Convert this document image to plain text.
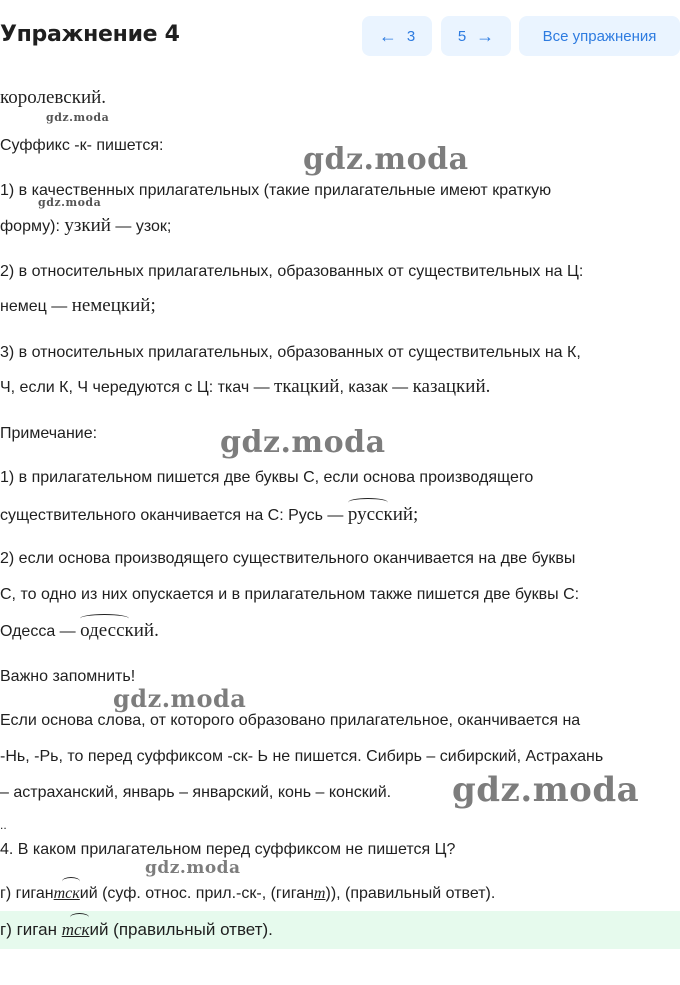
Упражнение 4	← 3	5 →	Все упражнения
королевский.
Суффикс -к- пишется:
1) в качественных прилагательных (такие прилагательные имеют краткую
форму): узкий — узок;
2) в относительных прилагательных, образованных от существительных на Ц:
немец — немецкий;
3) в относительных прилагательных, образованных от существительных на К,
Ч, если К, Ч чередуются с Ц: ткач — ткацкий, казак — казацкий.
Примечание:
1) в прилагательном пишется две буквы С, если основа производящего
существительного оканчивается на С: Русь —
русский;
2) если основа производящего существительного оканчивается на две буквы
С, то одно из них опускается и в прилагательном также пишется две буквы С:
Одесса —
одесский.
Важно запомнить!
Если основа слова, от которого образовано прилагательное, оканчивается на
-Нь, -Рь, то перед суффиксом -ск- Ь не пишется. Сибирь – сибирский, Астрахань
– астраханский, январь – январский, конь – конский.
..
4. В каком прилагательном перед суффиксом не пишется Ц?
г) гиган
тский (суф. относ. прил.-ск-, (гигант)), (правильный ответ).
г) гиган
тский (правильный ответ).
gdz.moda
gdz.moda
gdz.moda
gdz.moda
gdz.moda
gdz.moda
gdz.moda
